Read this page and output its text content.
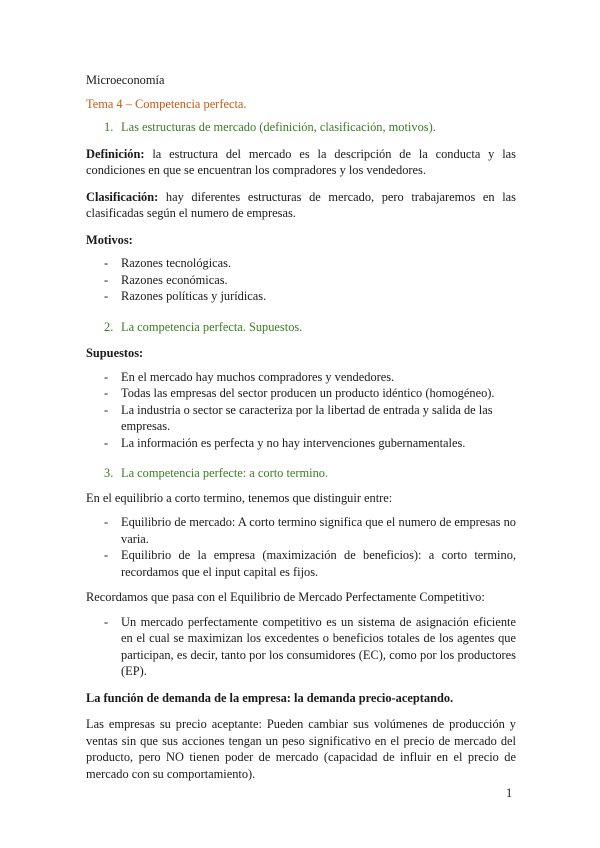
Microeconomía

Tema 4 – Competencia perfecta.

1. Las estructuras de mercado (definición, clasificación, motivos).

Definición: la estructura del mercado es la descripción de la conducta y las condiciones en que se encuentran los compradores y los vendedores.

Clasificación: hay diferentes estructuras de mercado, pero trabajaremos en las clasificadas según el numero de empresas.

Motivos:

-	Razones tecnológicas.
-	Razones económicas.
-	Razones políticas y jurídicas.

2. La competencia perfecta. Supuestos.

Supuestos:

-	En el mercado hay muchos compradores y vendedores.
-	Todas las empresas del sector producen un producto idéntico (homogéneo).
-	La industria o sector se caracteriza por la libertad de entrada y salida de las empresas.
-	La información es perfecta y no hay intervenciones gubernamentales.

3. La competencia perfecte: a corto termino.

En el equilibrio a corto termino, tenemos que distinguir entre:

-	Equilibrio de mercado: A corto termino significa que el numero de empresas no varia.
-	Equilibrio de la empresa (maximización de beneficios): a corto termino, recordamos que el input capital es fijos.

Recordamos que pasa con el Equilibrio de Mercado Perfectamente Competitivo:

-	Un mercado perfectamente competitivo es un sistema de asignación eficiente en el cual se maximizan los excedentes o beneficios totales de los agentes que participan, es decir, tanto por los consumidores (EC), como por los productores (EP).

La función de demanda de la empresa: la demanda precio-aceptando.

Las empresas su precio aceptante: Pueden cambiar sus volúmenes de producción y ventas sin que sus acciones tengan un peso significativo en el precio de mercado del producto, pero NO tienen poder de mercado (capacidad de influir en el precio de mercado con su comportamiento).

1
